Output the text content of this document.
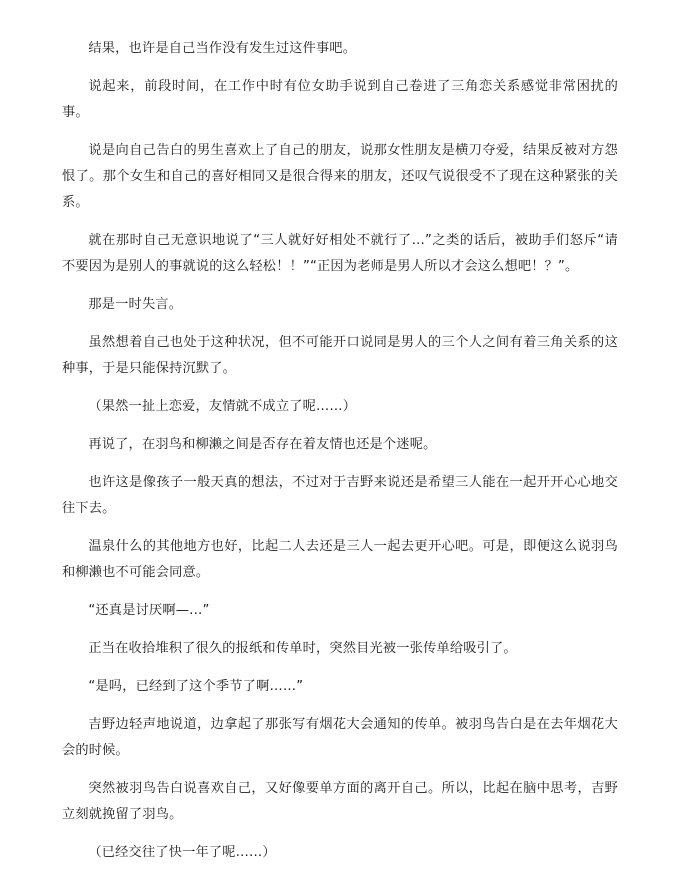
结果，也许是自己当作没有发生过这件事吧。

说起来，前段时间，在工作中时有位女助手说到自己卷进了三角恋关系感觉非常困扰的事。

说是向自己告白的男生喜欢上了自己的朋友，说那女性朋友是横刀夺爱，结果反被对方怨恨了。那个女生和自己的喜好相同又是很合得来的朋友，还叹气说很受不了现在这种紧张的关系。

就在那时自己无意识地说了“三人就好好相处不就行了…”之类的话后，被助手们怒斥“请不要因为是别人的事就说的这么轻松！！”“正因为老师是男人所以才会这么想吧！？”。

那是一时失言。

虽然想着自己也处于这种状况，但不可能开口说同是男人的三个人之间有着三角关系的这种事，于是只能保持沉默了。

（果然一扯上恋爱，友情就不成立了呢……）

再说了，在羽鸟和柳濑之间是否存在着友情也还是个迷呢。

也许这是像孩子一般天真的想法，不过对于吉野来说还是希望三人能在一起开开心心地交往下去。

温泉什么的其他地方也好，比起二人去还是三人一起去更开心吧。可是，即便这么说羽鸟和柳濑也不可能会同意。

“还真是讨厌啊—…”

正当在收拾堆积了很久的报纸和传单时，突然目光被一张传单给吸引了。

“是吗，已经到了这个季节了啊……”

吉野边轻声地说道，边拿起了那张写有烟花大会通知的传单。被羽鸟告白是在去年烟花大会的时候。

突然被羽鸟告白说喜欢自己，又好像要单方面的离开自己。所以，比起在脑中思考，吉野立刻就挽留了羽鸟。

（已经交往了快一年了呢……）
